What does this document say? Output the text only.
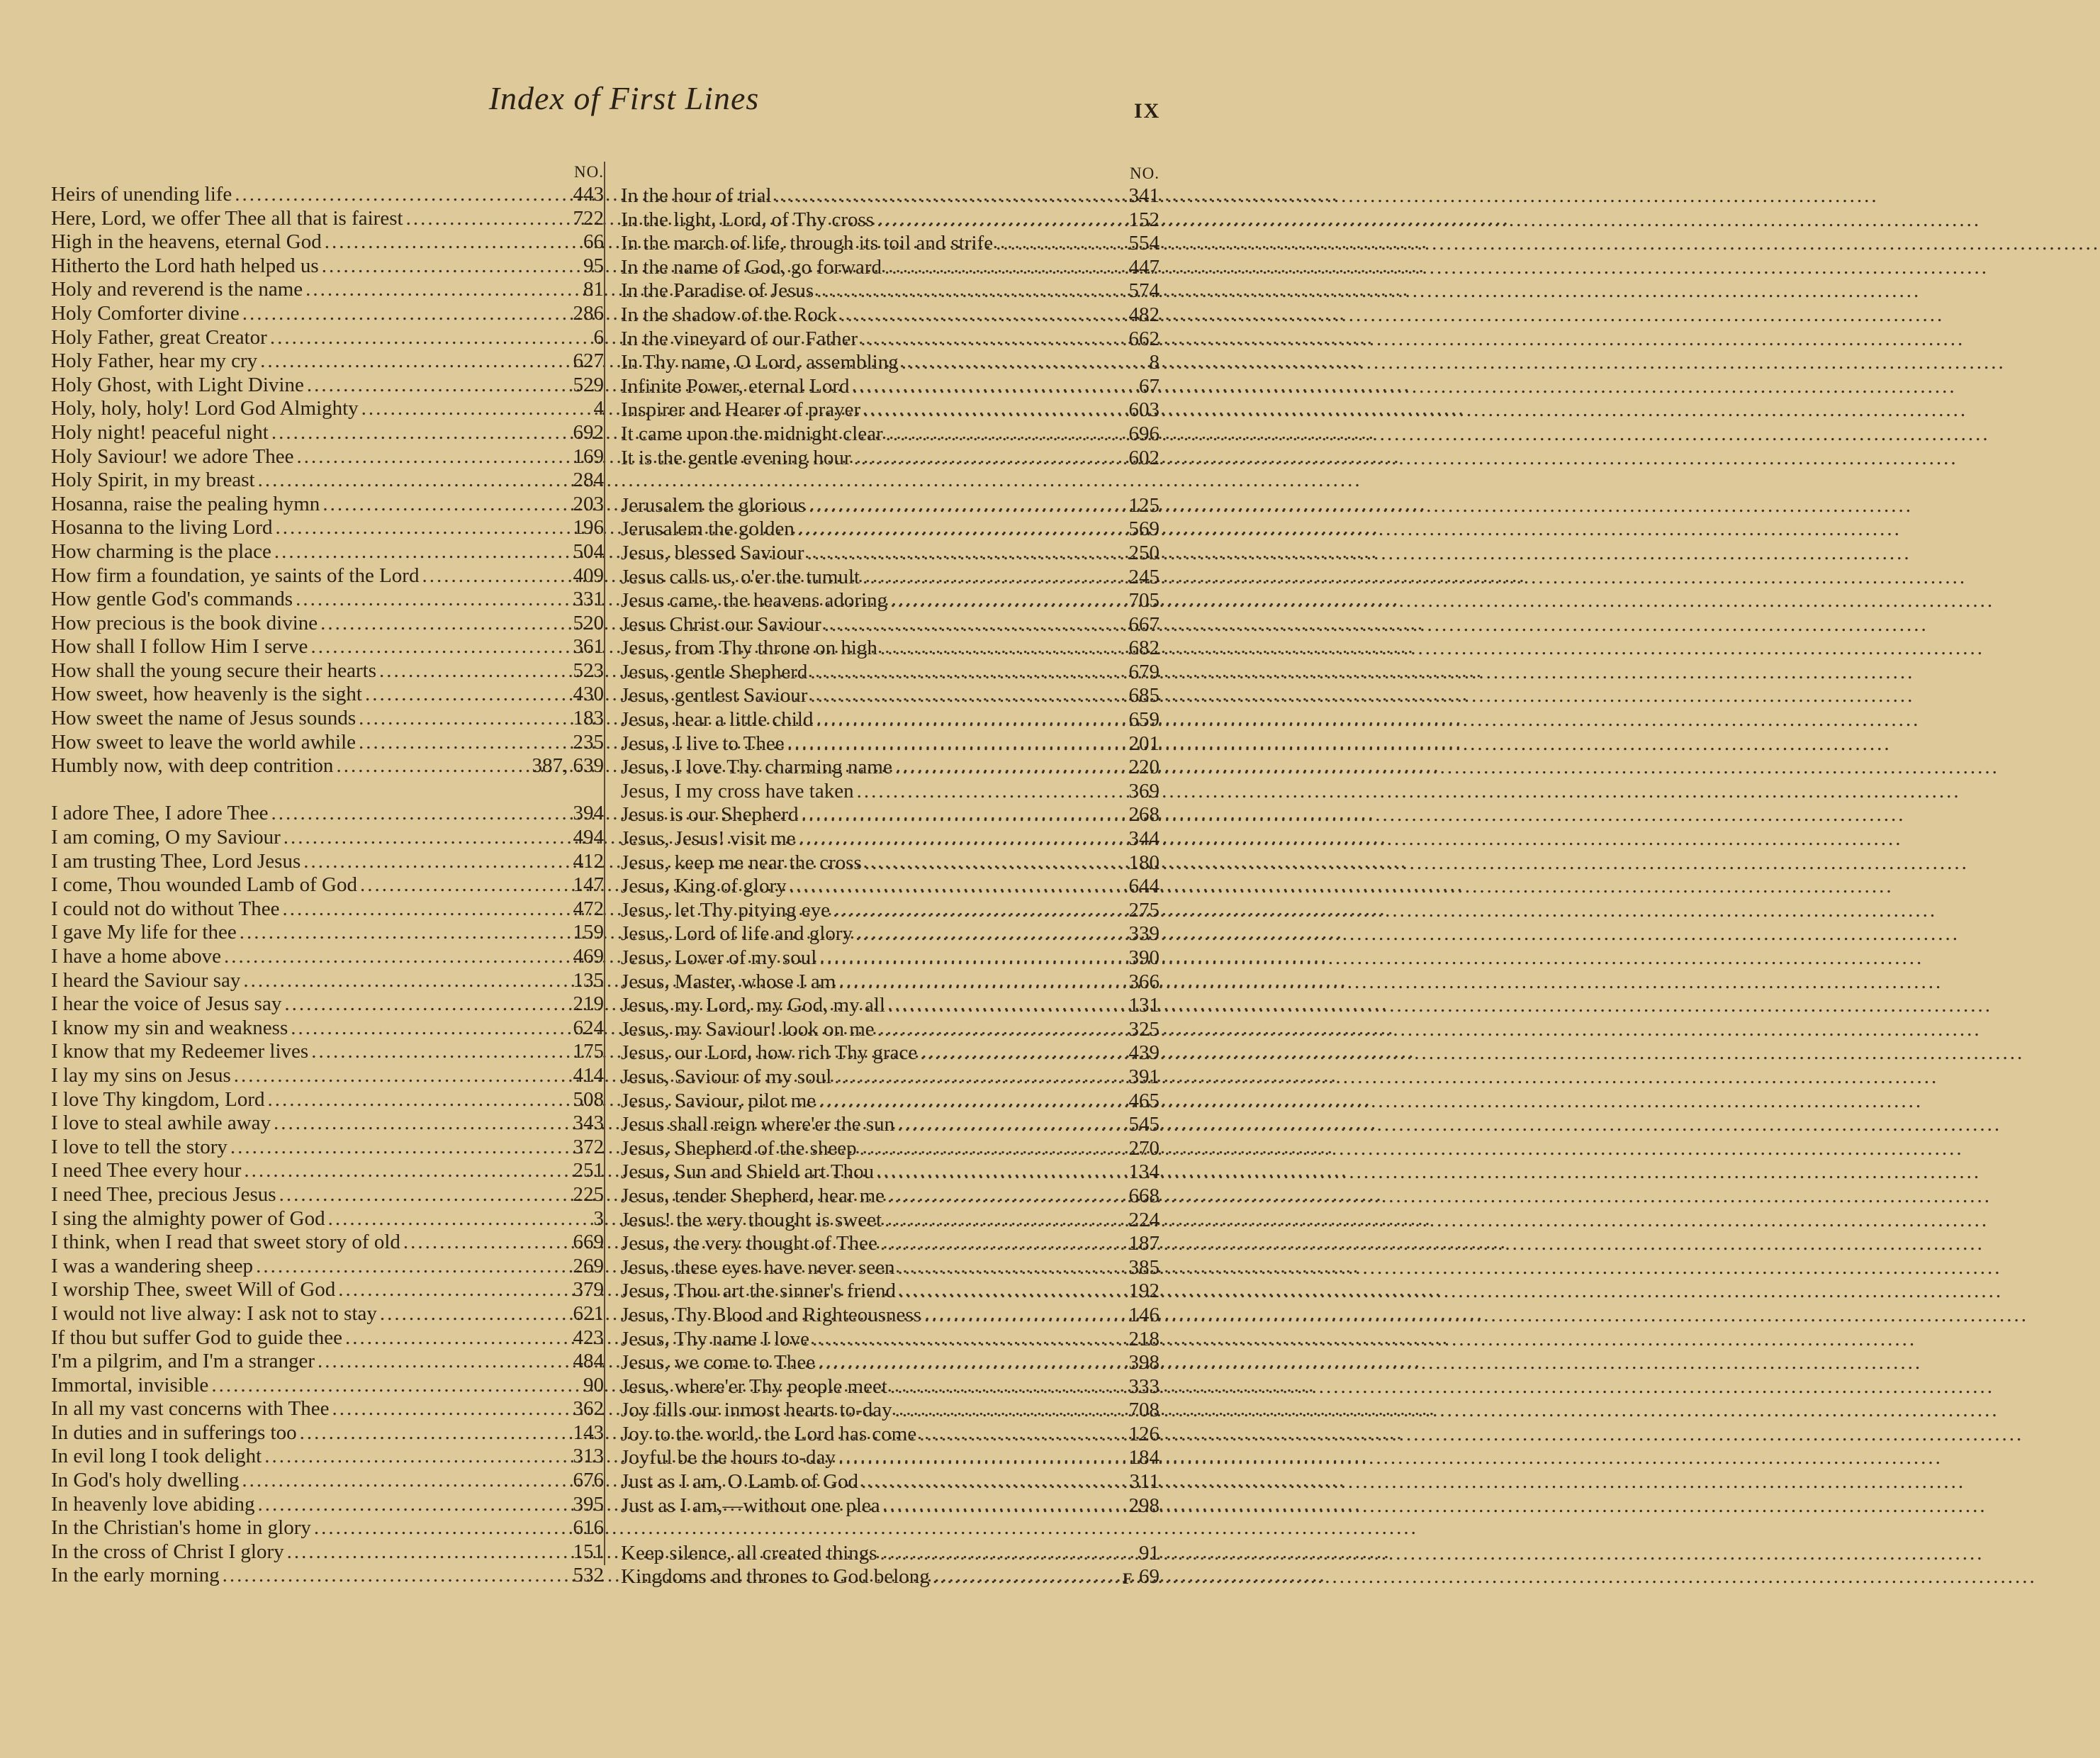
Index of First Lines	IX
NO.
Heirs of unending life .....	443
Here, Lord, we offer Thee all that is fairest .....	722
High in the heavens, eternal God .....	66
Hitherto the Lord hath helped us .....	95
Holy and reverend is the name .....	81
Holy Comforter divine .....	286
Holy Father, great Creator .....	6
Holy Father, hear my cry .....	627
Holy Ghost, with Light Divine .....	529
Holy, holy, holy! Lord God Almighty .....	4
Holy night! peaceful night .....	692
Holy Saviour! we adore Thee .....	169
Holy Spirit, in my breast .....	284
Hosanna, raise the pealing hymn .....	203
Hosanna to the living Lord .....	196
How charming is the place .....	504
How firm a foundation, ye saints of the Lord .....	409
How gentle God's commands .....	331
How precious is the book divine .....	520
How shall I follow Him I serve .....	361
How shall the young secure their hearts .....	523
How sweet, how heavenly is the sight .....	430
How sweet the name of Jesus sounds .....	183
How sweet to leave the world awhile .....	235
Humbly now, with deep contrition .....	387, 639
I adore Thee, I adore Thee .....	394
I am coming, O my Saviour .....	494
I am trusting Thee, Lord Jesus .....	412
I come, Thou wounded Lamb of God .....	147
I could not do without Thee .....	472
I gave My life for thee .....	159
I have a home above .....	469
I heard the Saviour say .....	135
I hear the voice of Jesus say .....	219
I know my sin and weakness .....	624
I know that my Redeemer lives .....	175
I lay my sins on Jesus .....	414
I love Thy kingdom, Lord .....	508
I love to steal awhile away .....	343
I love to tell the story .....	372
I need Thee every hour .....	251
I need Thee, precious Jesus .....	225
I sing the almighty power of God .....	3
I think, when I read that sweet story of old .....	669
I was a wandering sheep .....	269
I worship Thee, sweet Will of God .....	379
I would not live alway: I ask not to stay .....	621
If thou but suffer God to guide thee .....	423
I'm a pilgrim, and I'm a stranger .....	484
Immortal, invisible .....	90
In all my vast concerns with Thee .....	362
In duties and in sufferings too .....	143
In evil long I took delight .....	313
In God's holy dwelling .....	676
In heavenly love abiding .....	395
In the Christian's home in glory .....	616
In the cross of Christ I glory .....	151
In the early morning .....	532
NO.
In the hour of trial .....	341
In the light, Lord, of Thy cross .....	152
In the march of life, through its toil and strife .....	554
In the name of God, go forward .....	447
In the Paradise of Jesus .....	574
In the shadow of the Rock .....	482
In the vineyard of our Father .....	662
In Thy name, O Lord, assembling .....	8
Infinite Power, eternal Lord .....	67
Inspirer and Hearer of prayer .....	603
It came upon the midnight clear .....	696
It is the gentle evening hour .....	602
Jerusalem the glorious .....	125
Jerusalem the golden .....	569
Jesus, blessed Saviour .....	250
Jesus calls us, o'er the tumult .....	245
Jesus came, the heavens adoring .....	705
Jesus Christ our Saviour .....	667
Jesus, from Thy throne on high .....	682
Jesus, gentle Shepherd .....	679
Jesus, gentlest Saviour .....	685
Jesus, hear a little child .....	659
Jesus, I live to Thee .....	201
Jesus, I love Thy charming name .....	220
Jesus, I my cross have taken .....	369
Jesus is our Shepherd .....	268
Jesus, Jesus! visit me .....	344
Jesus, keep me near the cross .....	180
Jesus, King of glory .....	644
Jesus, let Thy pitying eye .....	275
Jesus, Lord of life and glory .....	339
Jesus, Lover of my soul .....	390
Jesus, Master, whose I am .....	366
Jesus, my Lord, my God, my all .....	131
Jesus, my Saviour! look on me .....	325
Jesus, our Lord, how rich Thy grace .....	439
Jesus, Saviour of my soul .....	391
Jesus, Saviour, pilot me .....	465
Jesus shall reign where'er the sun .....	545
Jesus, Shepherd of the sheep .....	270
Jesus, Sun and Shield art Thou .....	134
Jesus, tender Shepherd, hear me .....	668
Jesus! the very thought is sweet .....	224
Jesus, the very thought of Thee .....	187
Jesus, these eyes have never seen .....	385
Jesus, Thou art the sinner's friend .....	192
Jesus, Thy Blood and Righteousness .....	146
Jesus, Thy name I love .....	218
Jesus, we come to Thee .....	398
Jesus, where'er Thy people meet .....	333
Joy fills our inmost hearts to-day .....	708
Joy to the world, the Lord has come .....	126
Joyful be the hours to-day .....	184
Just as I am, O Lamb of God .....	311
Just as I am,—without one plea .....	298
Keep silence, all created things .....	91
Kingdoms and thrones to God belong .....	69
F
